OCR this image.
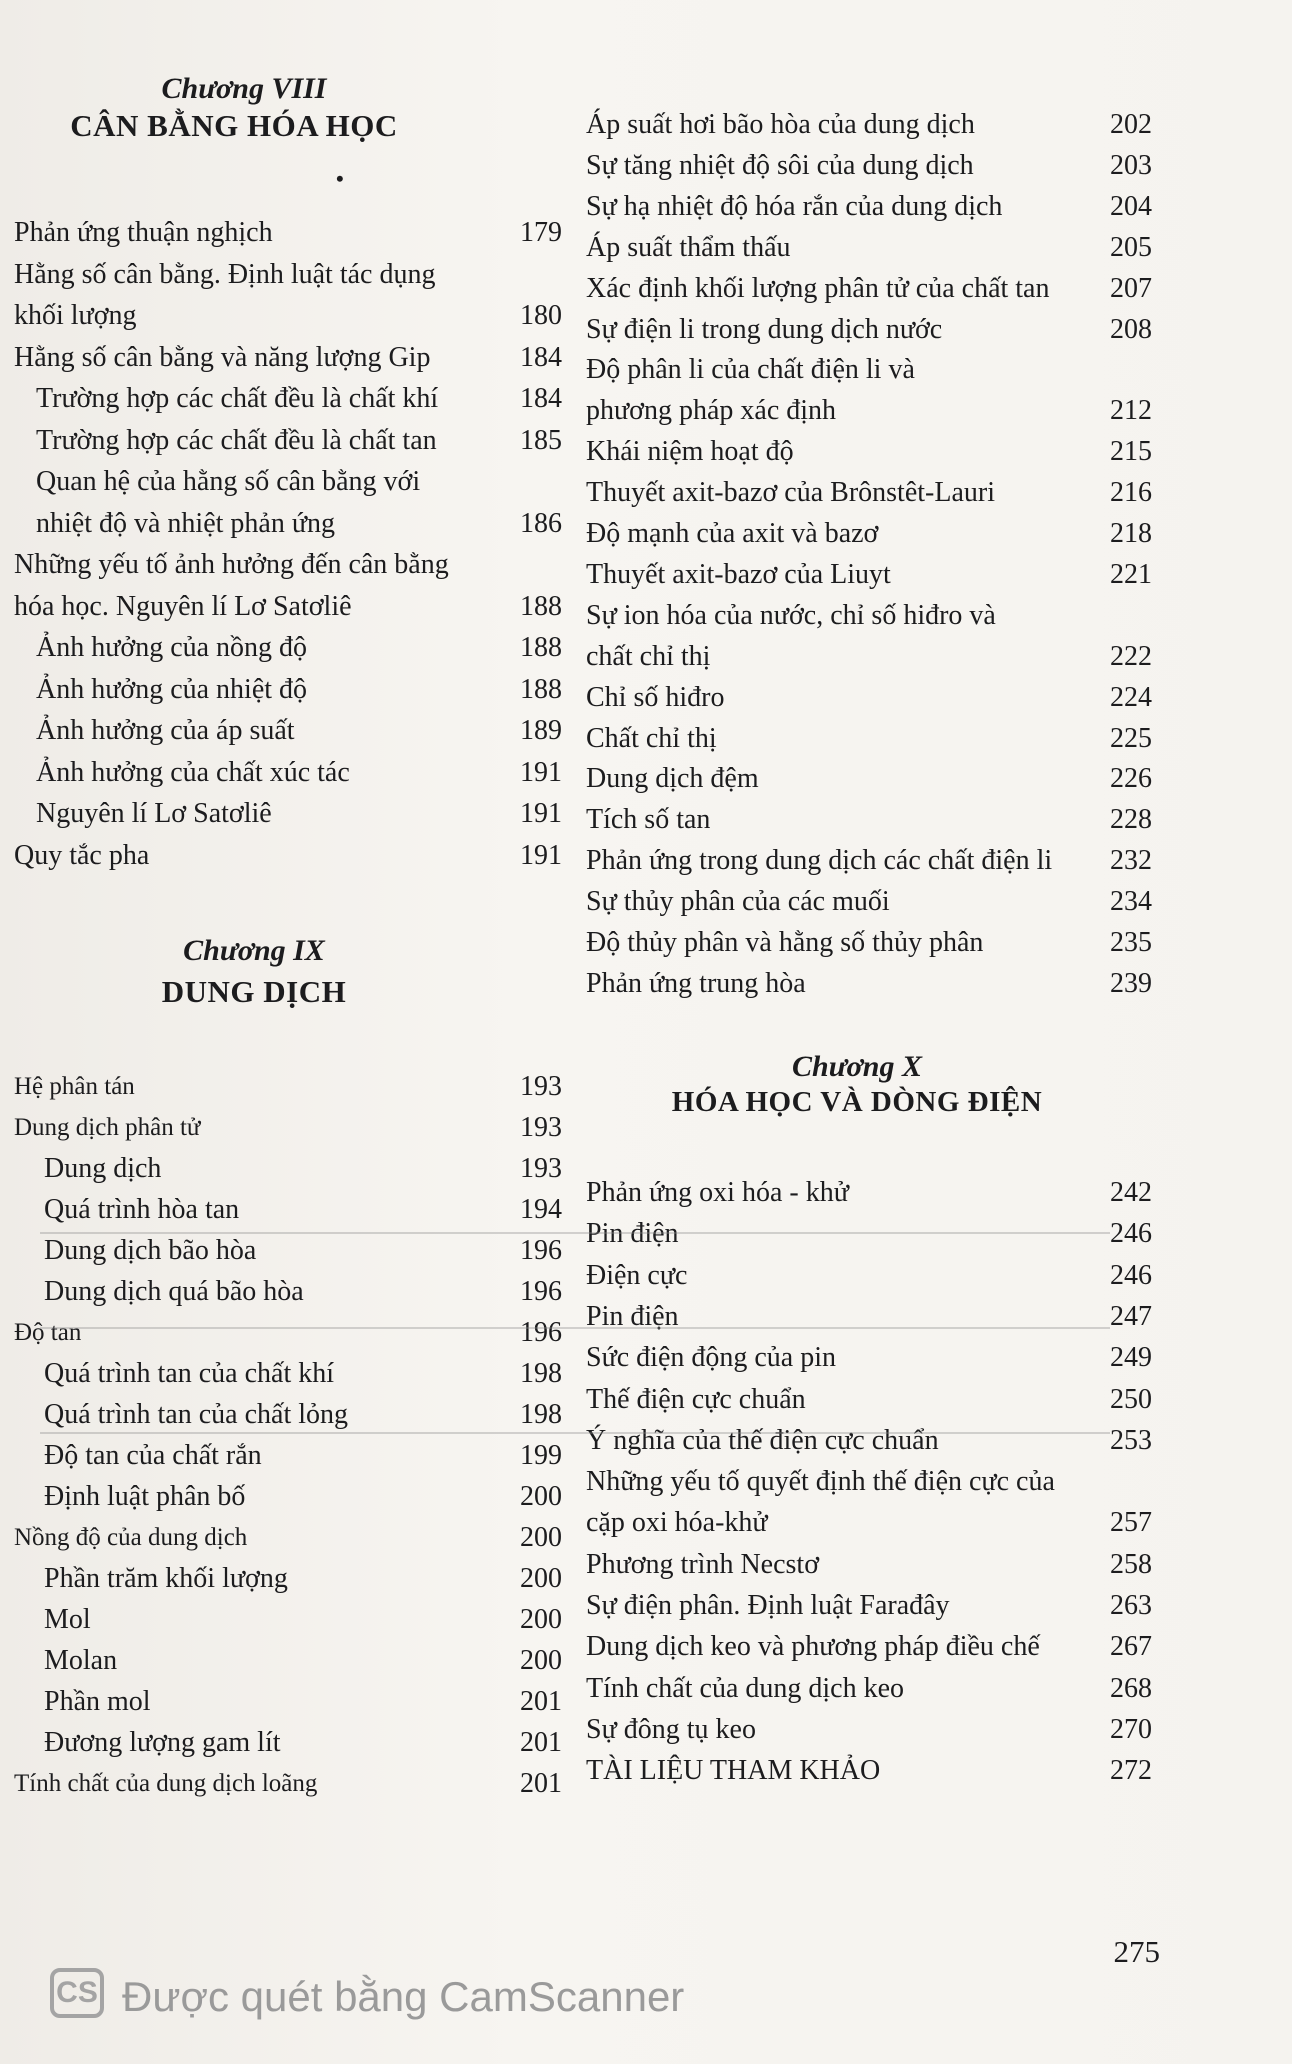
Chương VIII
CÂN BẰNG HÓA HỌC
•
Phản ứng thuận nghịch	179
Hằng số cân bằng. Định luật tác dụng
khối lượng	180
Hằng số cân bằng và năng lượng Gip	184
Trường hợp các chất đều là chất khí	184
Trường hợp các chất đều là chất tan	185
Quan hệ của hằng số cân bằng với
nhiệt độ và nhiệt phản ứng	186
Những yếu tố ảnh hưởng đến cân bằng
hóa học. Nguyên lí Lơ Satơliê	188
Ảnh hưởng của nồng độ	188
Ảnh hưởng của nhiệt độ	188
Ảnh hưởng của áp suất	189
Ảnh hưởng của chất xúc tác	191
Nguyên lí Lơ Satơliê	191
Quy tắc pha	191
Chương IX
DUNG DỊCH
Hệ phân tán	193
Dung dịch phân tử	193
Dung dịch	193
Quá trình hòa tan	194
Dung dịch bão hòa	196
Dung dịch quá bão hòa	196
Độ tan	196
Quá trình tan của chất khí	198
Quá trình tan của chất lỏng	198
Độ tan của chất rắn	199
Định luật phân bố	200
Nồng độ của dung dịch	200
Phần trăm khối lượng	200
Mol	200
Molan	200
Phần mol	201
Đương lượng gam lít	201
Tính chất của dung dịch loãng	201
Áp suất hơi bão hòa của dung dịch	202
Sự tăng nhiệt độ sôi của dung dịch	203
Sự hạ nhiệt độ hóa rắn của dung dịch	204
Áp suất thẩm thấu	205
Xác định khối lượng phân tử của chất tan 207
Sự điện li trong dung dịch nước	208
Độ phân li của chất điện li và
phương pháp xác định	212
Khái niệm hoạt độ	215
Thuyết axit-bazơ của Brônstêt-Lauri	216
Độ mạnh của axit và bazơ	218
Thuyết axit-bazơ của Liuyt	221
Sự ion hóa của nước, chỉ số hiđro và
chất chỉ thị	222
Chỉ số hiđro	224
Chất chỉ thị	225
Dung dịch đệm	226
Tích số tan	228
Phản ứng trong dung dịch các chất điện li 232
Sự thủy phân của các muối	234
Độ thủy phân và hằng số thủy phân	235
Phản ứng trung hòa	239
Chương X
HÓA HỌC VÀ DÒNG ĐIỆN
Phản ứng oxi hóa - khử	242
Pin điện	246
Điện cực	246
Pin điện	247
Sức điện động của pin	249
Thế điện cực chuẩn	250
Ý nghĩa của thế điện cực chuẩn	253
Những yếu tố quyết định thế điện cực của
cặp oxi hóa-khử	257
Phương trình Necstơ	258
Sự điện phân. Định luật Farađây	263
Dung dịch keo và phương pháp điều chế	267
Tính chất của dung dịch keo	268
Sự đông tụ keo	270
TÀI LIỆU THAM KHẢO	272
275
CS Được quét bằng CamScanner
